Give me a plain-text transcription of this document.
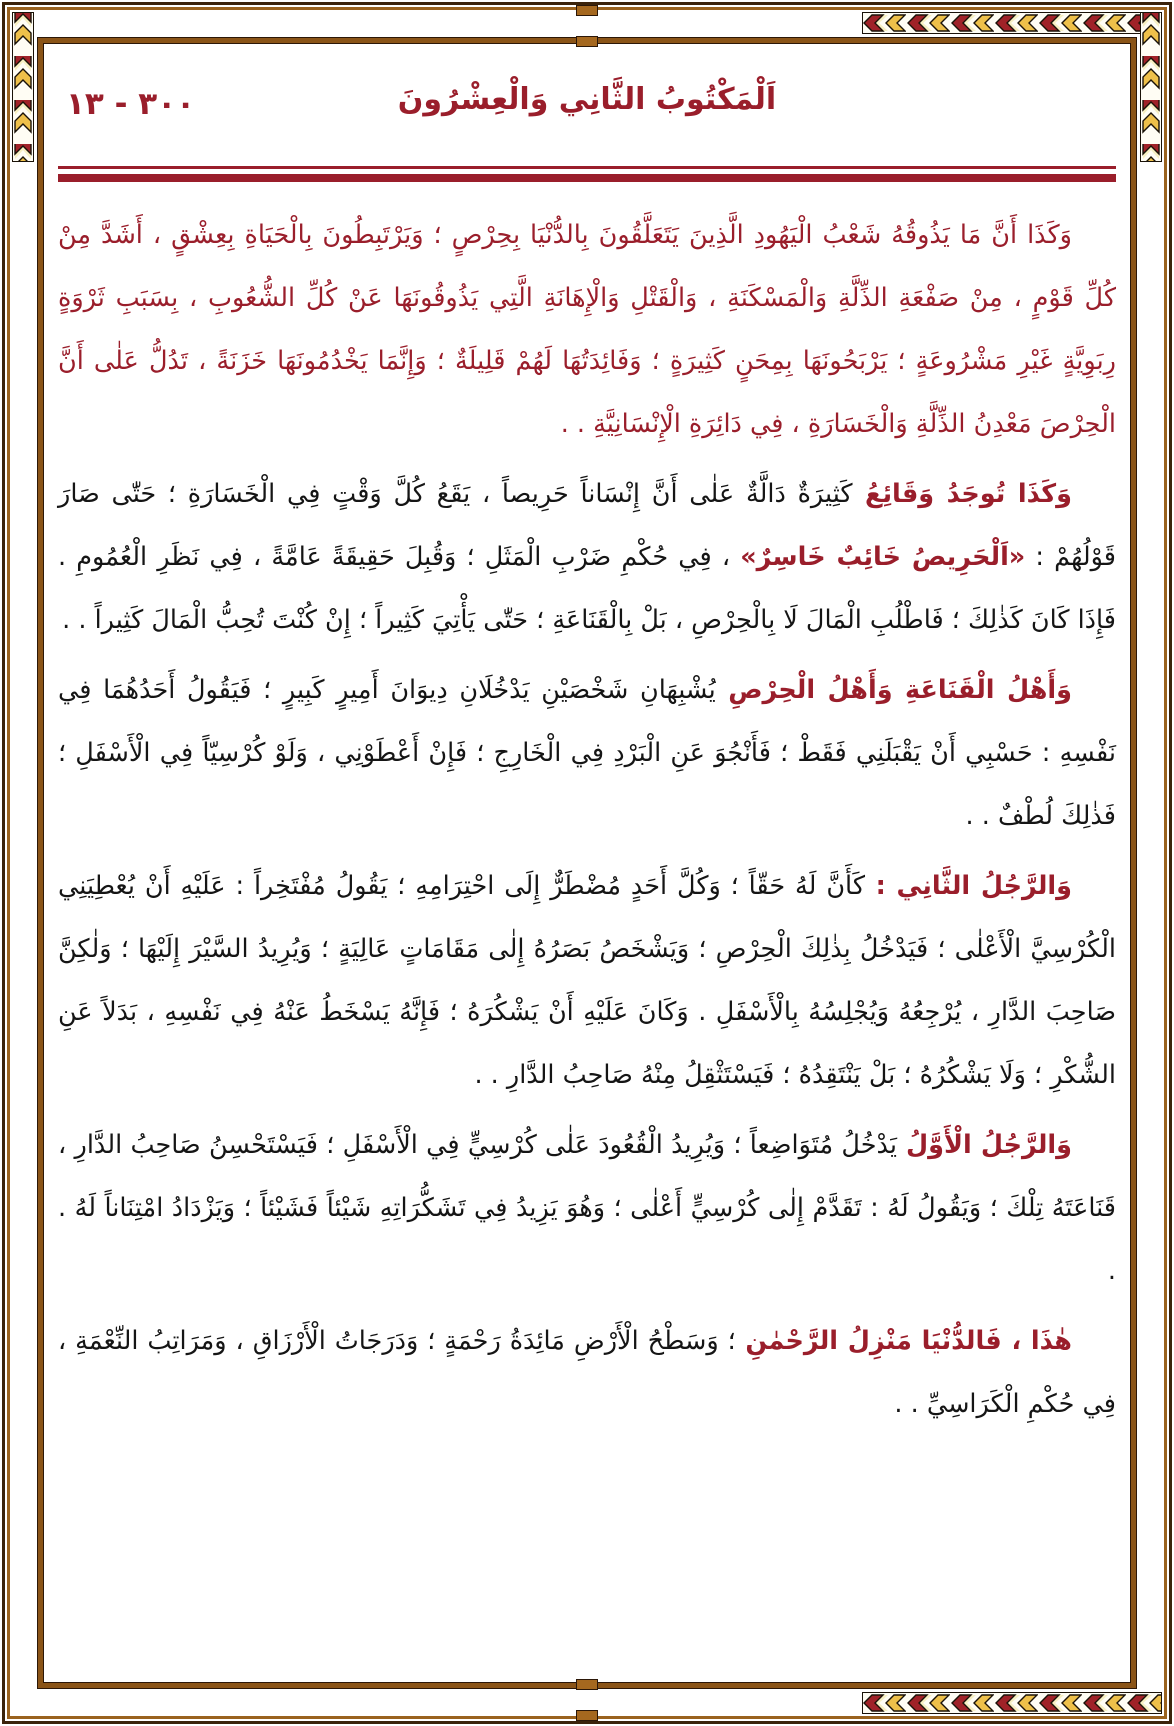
٣٠٠ - ١٣	اَلْمَكْتُوبُ الثَّانِي وَالْعِشْرُونَ

وَكَذَا أَنَّ مَا يَذُوقُهُ شَعْبُ الْيَهُودِ الَّذِينَ يَتَعَلَّقُونَ بِالدُّنْيَا بِحِرْصٍ ؛ وَيَرْتَبِطُونَ بِالْحَيَاةِ بِعِشْقٍ ، أَشَدَّ مِنْ كُلِّ قَوْمٍ ، مِنْ صَفْعَةِ الذِّلَّةِ وَالْمَسْكَنَةِ ، وَالْقَتْلِ وَالْإِهَانَةِ الَّتِي يَذُوقُونَهَا عَنْ كُلِّ الشُّعُوبِ ، بِسَبَبِ ثَرْوَةٍ رِبَوِيَّةٍ غَيْرِ مَشْرُوعَةٍ ؛ يَرْبَحُونَهَا بِمِحَنٍ كَثِيرَةٍ ؛ وَفَائِدَتُهَا لَهُمْ قَلِيلَةٌ ؛ وَإِنَّمَا يَخْدُمُونَهَا خَزَنَةً ، تَدُلُّ عَلٰى أَنَّ الْحِرْصَ مَعْدِنُ الذِّلَّةِ وَالْخَسَارَةِ ، فِي دَائِرَةِ الْإِنْسَانِيَّةِ . .

وَكَذَا تُوجَدُ وَقَائِعُ كَثِيرَةٌ دَالَّةٌ عَلٰى أَنَّ إِنْسَاناً حَرِيصاً ، يَقَعُ كُلَّ وَقْتٍ فِي الْخَسَارَةِ ؛ حَتّٰى صَارَ قَوْلُهُمْ : «اَلْحَرِيصُ خَائِبٌ خَاسِرٌ» ، فِي حُكْمِ ضَرْبِ الْمَثَلِ ؛ وَقُبِلَ حَقِيقَةً عَامَّةً ، فِي نَظَرِ الْعُمُومِ . فَإِذَا كَانَ كَذٰلِكَ ؛ فَاطْلُبِ الْمَالَ لَا بِالْحِرْصِ ، بَلْ بِالْقَنَاعَةِ ؛ حَتّٰى يَأْتِيَ كَثِيراً ؛ إِنْ كُنْتَ تُحِبُّ الْمَالَ كَثِيراً . .

وَأَهْلُ الْقَنَاعَةِ وَأَهْلُ الْحِرْصِ يُشْبِهَانِ شَخْصَيْنِ يَدْخُلَانِ دِيوَانَ أَمِيرٍ كَبِيرٍ ؛ فَيَقُولُ أَحَدُهُمَا فِي نَفْسِهِ : حَسْبِي أَنْ يَقْبَلَنِي فَقَطْ ؛ فَأَنْجُوَ عَنِ الْبَرْدِ فِي الْخَارِجِ ؛ فَإِنْ أَعْطَوْنِي ، وَلَوْ كُرْسِيّاً فِي الْأَسْفَلِ ؛ فَذٰلِكَ لُطْفٌ . .

وَالرَّجُلُ الثَّانِي : كَأَنَّ لَهُ حَقّاً ؛ وَكُلَّ أَحَدٍ مُضْطَرٌّ إِلَى احْتِرَامِهِ ؛ يَقُولُ مُفْتَخِراً : عَلَيْهِ أَنْ يُعْطِيَنِي الْكُرْسِيَّ الْأَعْلٰى ؛ فَيَدْخُلُ بِذٰلِكَ الْحِرْصِ ؛ وَيَشْخَصُ بَصَرُهُ إِلٰى مَقَامَاتٍ عَالِيَةٍ ؛ وَيُرِيدُ السَّيْرَ إِلَيْهَا ؛ وَلٰكِنَّ صَاحِبَ الدَّارِ ، يُرْجِعُهُ وَيُجْلِسُهُ بِالْأَسْفَلِ . وَكَانَ عَلَيْهِ أَنْ يَشْكُرَهُ ؛ فَإِنَّهُ يَسْخَطُ عَنْهُ فِي نَفْسِهِ ، بَدَلاً عَنِ الشُّكْرِ ؛ وَلَا يَشْكُرُهُ ؛ بَلْ يَنْتَقِدُهُ ؛ فَيَسْتَثْقِلُ مِنْهُ صَاحِبُ الدَّارِ . .

وَالرَّجُلُ الْأَوَّلُ يَدْخُلُ مُتَوَاضِعاً ؛ وَيُرِيدُ الْقُعُودَ عَلٰى كُرْسِيٍّ فِي الْأَسْفَلِ ؛ فَيَسْتَحْسِنُ صَاحِبُ الدَّارِ ، قَنَاعَتَهُ تِلْكَ ؛ وَيَقُولُ لَهُ : تَقَدَّمْ إِلٰى كُرْسِيٍّ أَعْلٰى ؛ وَهُوَ يَزِيدُ فِي تَشَكُّرَاتِهِ شَيْئاً فَشَيْئاً ؛ وَيَزْدَادُ امْتِنَاناً لَهُ . .

هٰذَا ، فَالدُّنْيَا مَنْزِلُ الرَّحْمٰنِ ؛ وَسَطْحُ الْأَرْضِ مَائِدَةُ رَحْمَةٍ ؛ وَدَرَجَاتُ الْأَرْزَاقِ ، وَمَرَاتِبُ النِّعْمَةِ ، فِي حُكْمِ الْكَرَاسِيِّ . .
